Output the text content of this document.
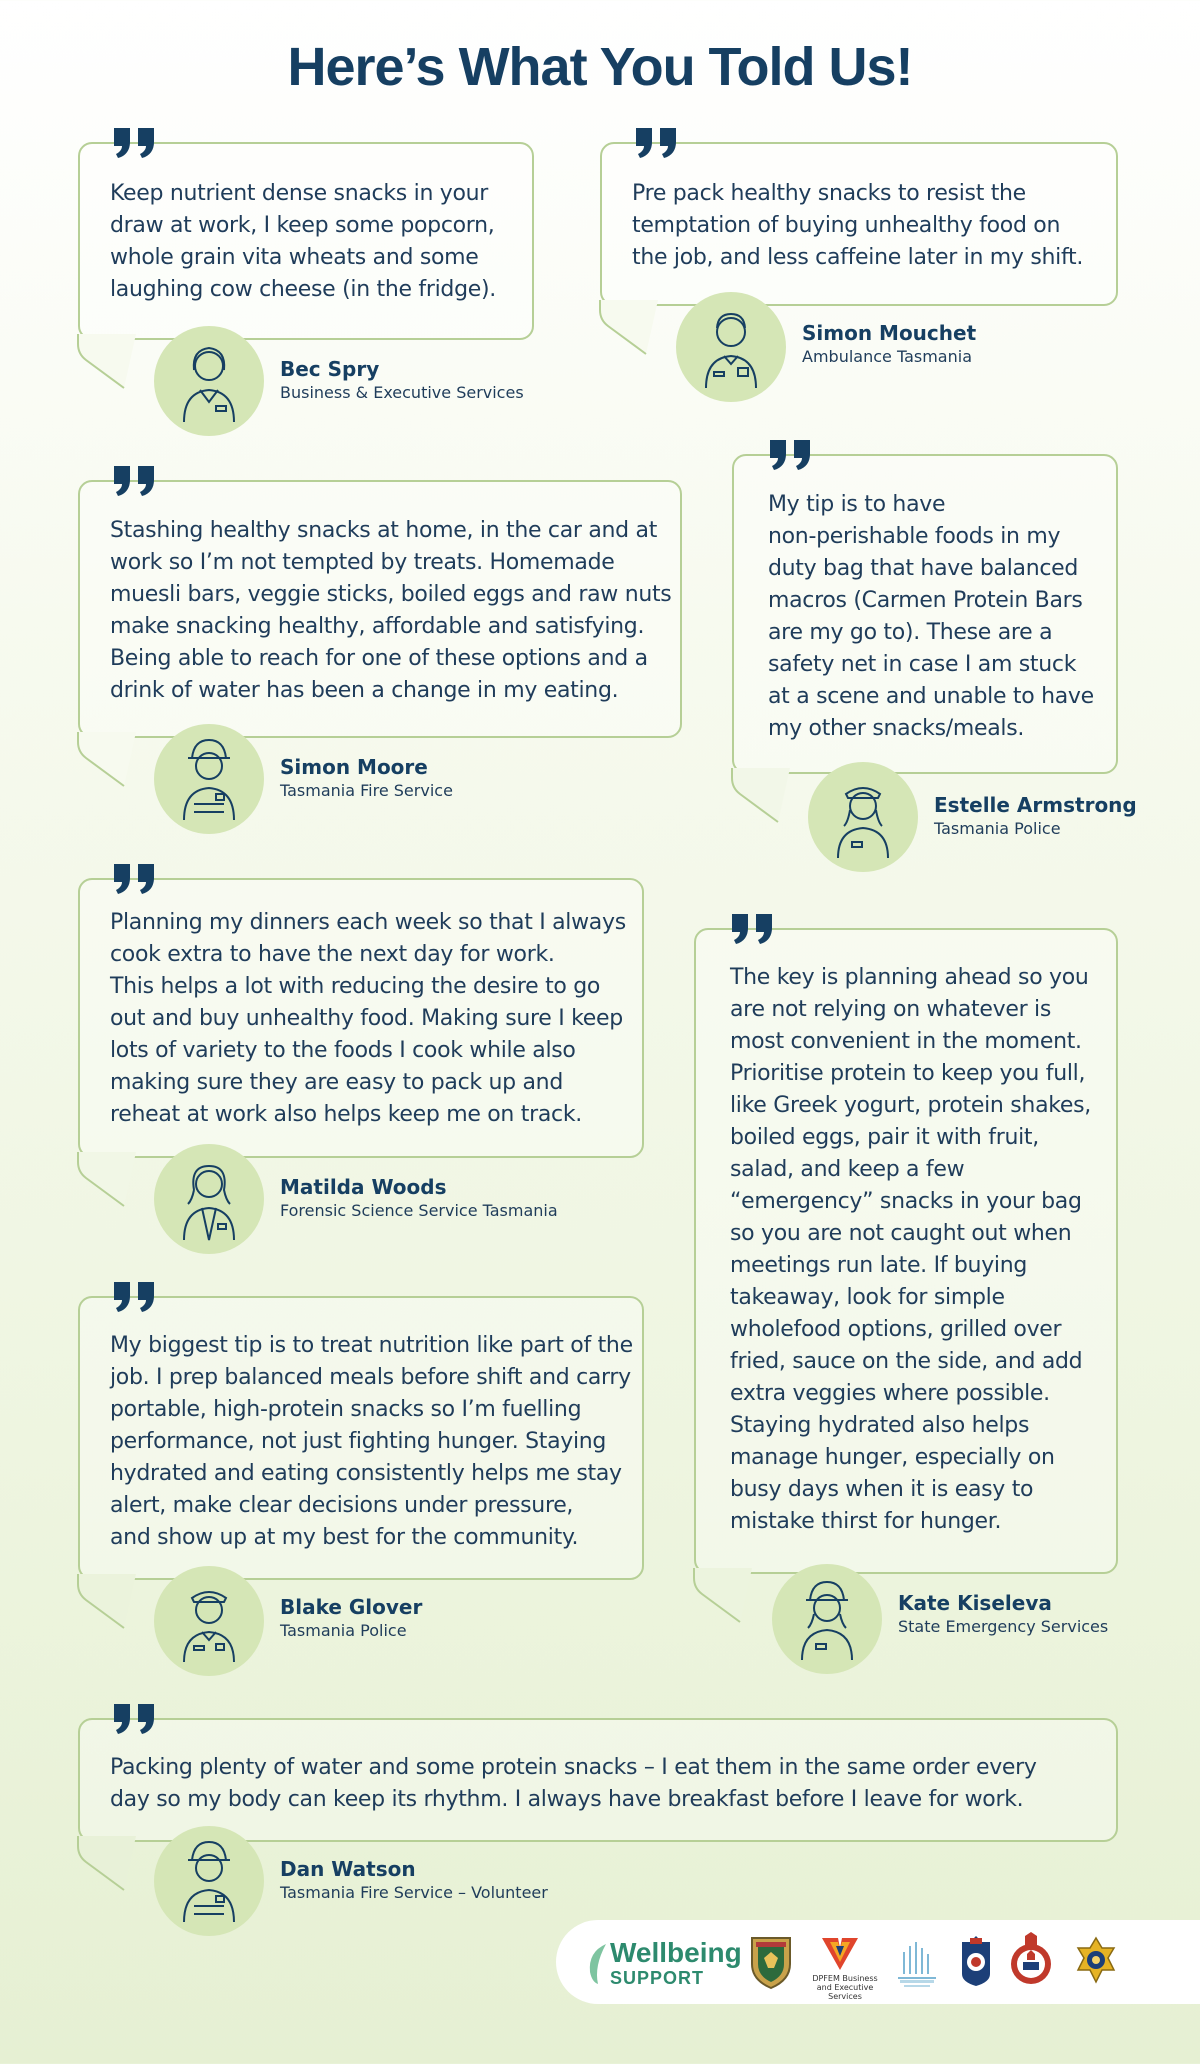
Here’s What You Told Us!
Keep nutrient dense snacks in your
draw at work, I keep some popcorn,
whole grain vita wheats and some
laughing cow cheese (in the fridge).
Bec Spry
Business & Executive Services
Pre pack healthy snacks to resist the
temptation of buying unhealthy food on
the job, and less caffeine later in my shift.
Simon Mouchet
Ambulance Tasmania
Stashing healthy snacks at home, in the car and at
work so I’m not tempted by treats. Homemade
muesli bars, veggie sticks, boiled eggs and raw nuts
make snacking healthy, affordable and satisfying.
Being able to reach for one of these options and a
drink of water has been a change in my eating.
Simon Moore
Tasmania Fire Service
My tip is to have
non-perishable foods in my
duty bag that have balanced
macros (Carmen Protein Bars
are my go to). These are a
safety net in case I am stuck
at a scene and unable to have
my other snacks/meals.
Estelle Armstrong
Tasmania Police
Planning my dinners each week so that I always
cook extra to have the next day for work.
This helps a lot with reducing the desire to go
out and buy unhealthy food. Making sure I keep
lots of variety to the foods I cook while also
making sure they are easy to pack up and
reheat at work also helps keep me on track.
Matilda Woods
Forensic Science Service Tasmania
The key is planning ahead so you
are not relying on whatever is
most convenient in the moment.
Prioritise protein to keep you full,
like Greek yogurt, protein shakes,
boiled eggs, pair it with fruit,
salad, and keep a few
“emergency” snacks in your bag
so you are not caught out when
meetings run late. If buying
takeaway, look for simple
wholefood options, grilled over
fried, sauce on the side, and add
extra veggies where possible.
Staying hydrated also helps
manage hunger, especially on
busy days when it is easy to
mistake thirst for hunger.
Kate Kiseleva
State Emergency Services
My biggest tip is to treat nutrition like part of the
job. I prep balanced meals before shift and carry
portable, high-protein snacks so I’m fuelling
performance, not just fighting hunger. Staying
hydrated and eating consistently helps me stay
alert, make clear decisions under pressure,
and show up at my best for the community.
Blake Glover
Tasmania Police
Packing plenty of water and some protein snacks – I eat them in the same order every
day so my body can keep its rhythm. I always have breakfast before I leave for work.
Dan Watson
Tasmania Fire Service – Volunteer
Wellbeing
SUPPORT	DPFEM Business
and Executive Services
